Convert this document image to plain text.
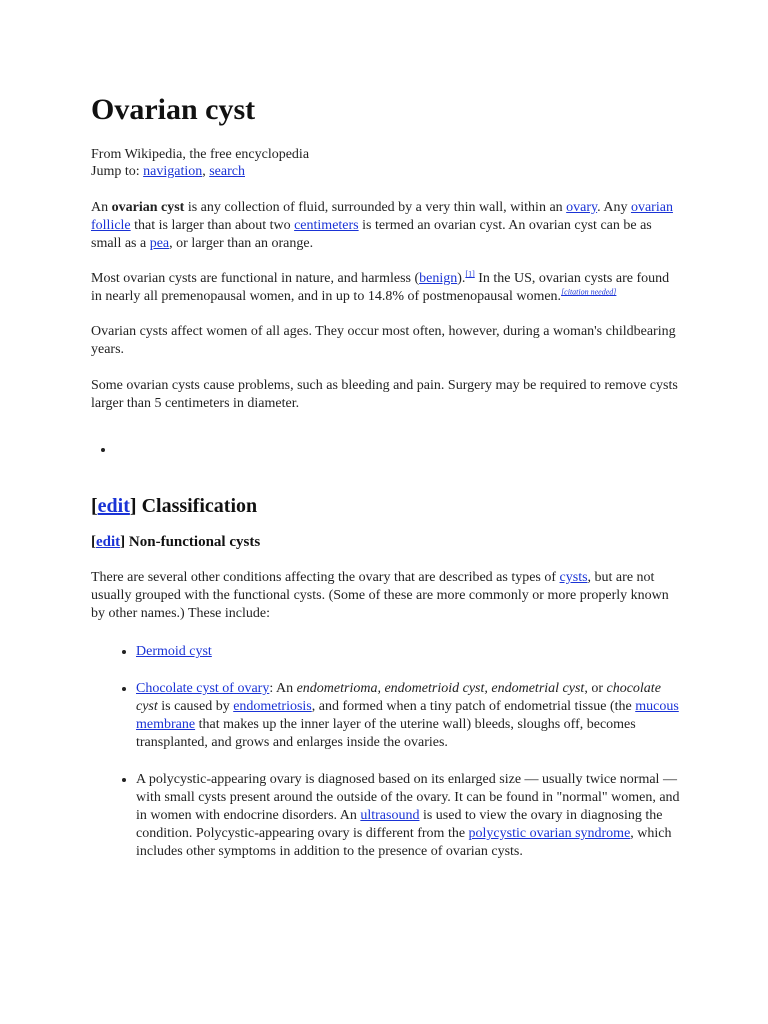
Ovarian cyst
From Wikipedia, the free encyclopedia
Jump to: navigation, search

An ovarian cyst is any collection of fluid, surrounded by a very thin wall, within an ovary. Any ovarian follicle that is larger than about two centimeters is termed an ovarian cyst. An ovarian cyst can be as small as a pea, or larger than an orange.

Most ovarian cysts are functional in nature, and harmless (benign).[1] In the US, ovarian cysts are found in nearly all premenopausal women, and in up to 14.8% of postmenopausal women.[citation needed]

Ovarian cysts affect women of all ages. They occur most often, however, during a woman's childbearing years.

Some ovarian cysts cause problems, such as bleeding and pain. Surgery may be required to remove cysts larger than 5 centimeters in diameter.

•
[edit] Classification
[edit] Non-functional cysts

There are several other conditions affecting the ovary that are described as types of cysts, but are not usually grouped with the functional cysts. (Some of these are more commonly or more properly known by other names.) These include:

• Dermoid cyst
• Chocolate cyst of ovary: An endometrioma, endometrioid cyst, endometrial cyst, or chocolate cyst is caused by endometriosis, and formed when a tiny patch of endometrial tissue (the mucous membrane that makes up the inner layer of the uterine wall) bleeds, sloughs off, becomes transplanted, and grows and enlarges inside the ovaries.
• A polycystic-appearing ovary is diagnosed based on its enlarged size — usually twice normal —with small cysts present around the outside of the ovary. It can be found in "normal" women, and in women with endocrine disorders. An ultrasound is used to view the ovary in diagnosing the condition. Polycystic-appearing ovary is different from the polycystic ovarian syndrome, which includes other symptoms in addition to the presence of ovarian cysts.
